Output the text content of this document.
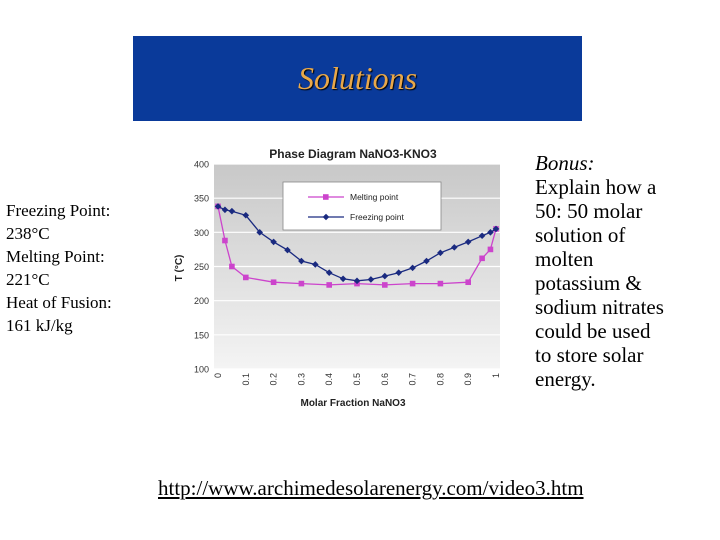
Solutions
Freezing Point:
238°C
Melting Point:
221°C
Heat of Fusion:
161 kJ/kg
Bonus:
Explain how a
50: 50 molar
solution of
molten
potassium &
sodium nitrates
could be used
to store solar
energy.
http://www.archimedesolarenergy.com/video3.htm
Phase Diagram NaNO3-KNO3
400
350
300
250
200
150
100
0 0.1 0.2 0.3 0.4 0.5 0.6 0.7 0.8 0.9 1
T (°C)
Molar Fraction NaNO3
Melting point
Freezing point
